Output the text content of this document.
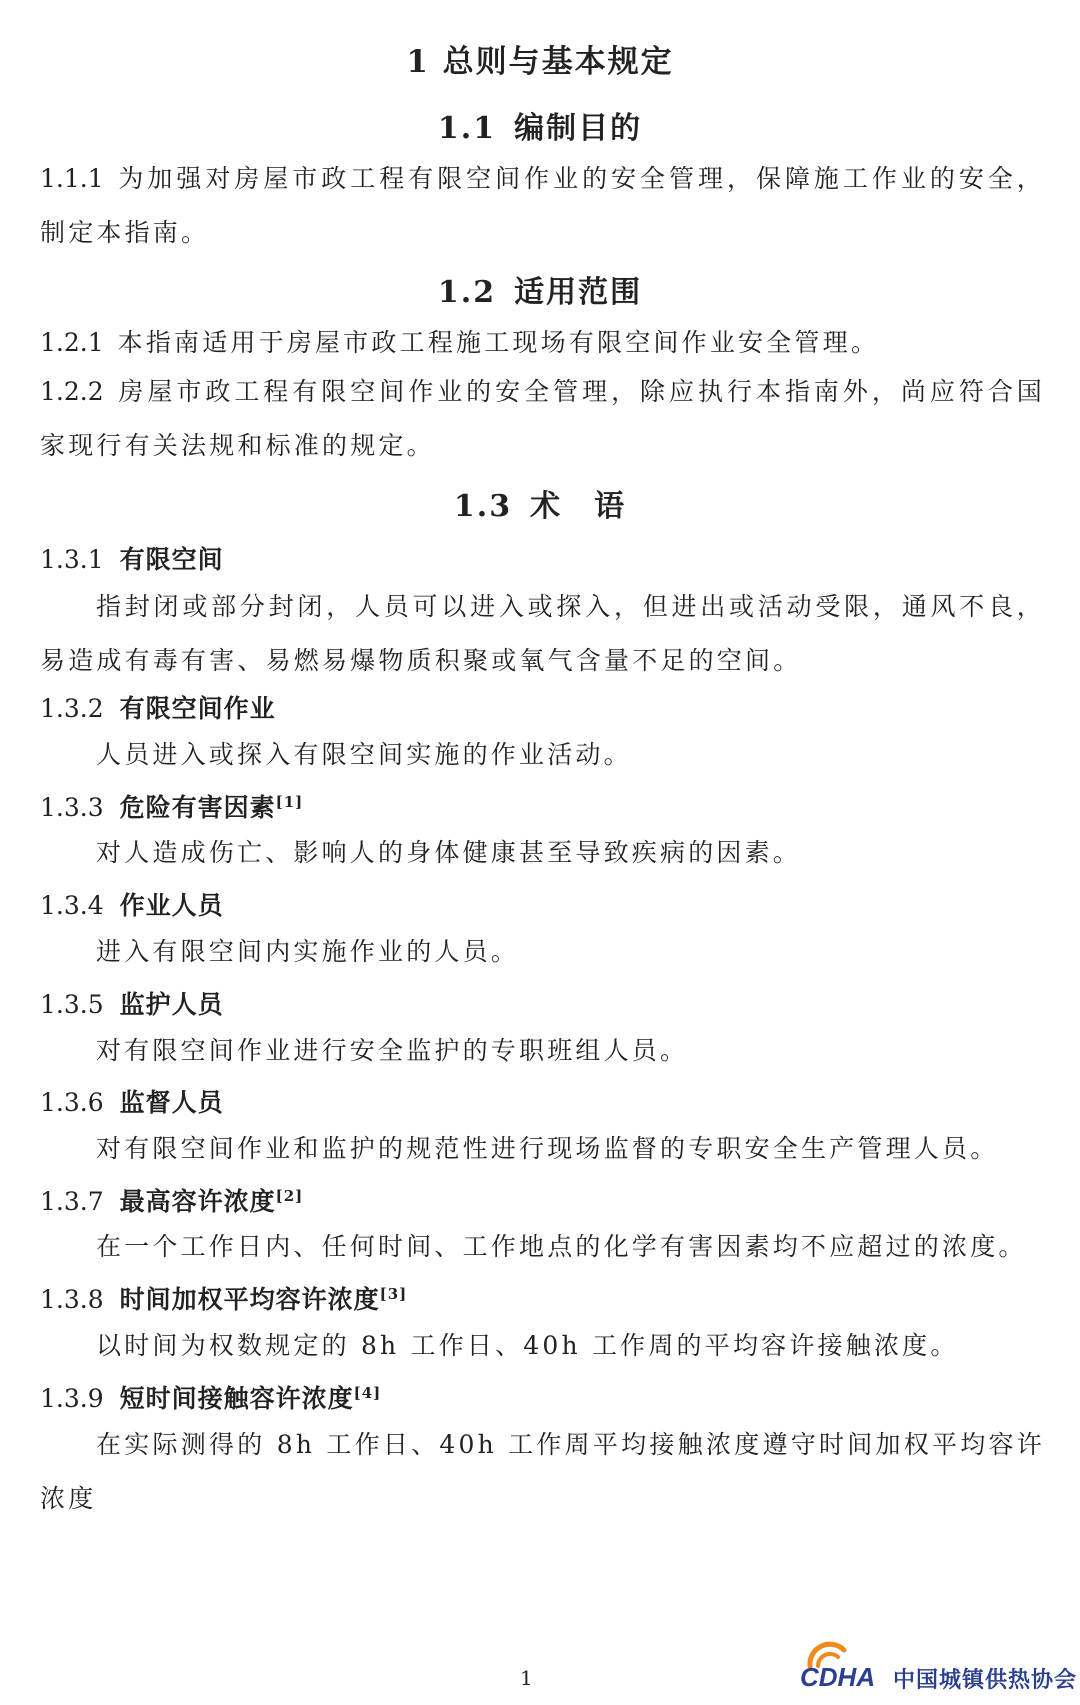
1 总则与基本规定
1.1 编制目的
1.1.1 为加强对房屋市政工程有限空间作业的安全管理，保障施工作业的安全，制定本指南。
1.2 适用范围
1.2.1 本指南适用于房屋市政工程施工现场有限空间作业安全管理。
1.2.2 房屋市政工程有限空间作业的安全管理，除应执行本指南外，尚应符合国家现行有关法规和标准的规定。
1.3 术　语
1.3.1 有限空间
指封闭或部分封闭，人员可以进入或探入，但进出或活动受限，通风不良，易造成有毒有害、易燃易爆物质积聚或氧气含量不足的空间。
1.3.2 有限空间作业
人员进入或探入有限空间实施的作业活动。
1.3.3 危险有害因素[1]
对人造成伤亡、影响人的身体健康甚至导致疾病的因素。
1.3.4 作业人员
进入有限空间内实施作业的人员。
1.3.5 监护人员
对有限空间作业进行安全监护的专职班组人员。
1.3.6 监督人员
对有限空间作业和监护的规范性进行现场监督的专职安全生产管理人员。
1.3.7 最高容许浓度[2]
在一个工作日内、任何时间、工作地点的化学有害因素均不应超过的浓度。
1.3.8 时间加权平均容许浓度[3]
以时间为权数规定的 8h 工作日、40h 工作周的平均容许接触浓度。
1.3.9 短时间接触容许浓度[4]
在实际测得的 8h 工作日、40h 工作周平均接触浓度遵守时间加权平均容许浓度
1	CDHA 中国城镇供热协会
